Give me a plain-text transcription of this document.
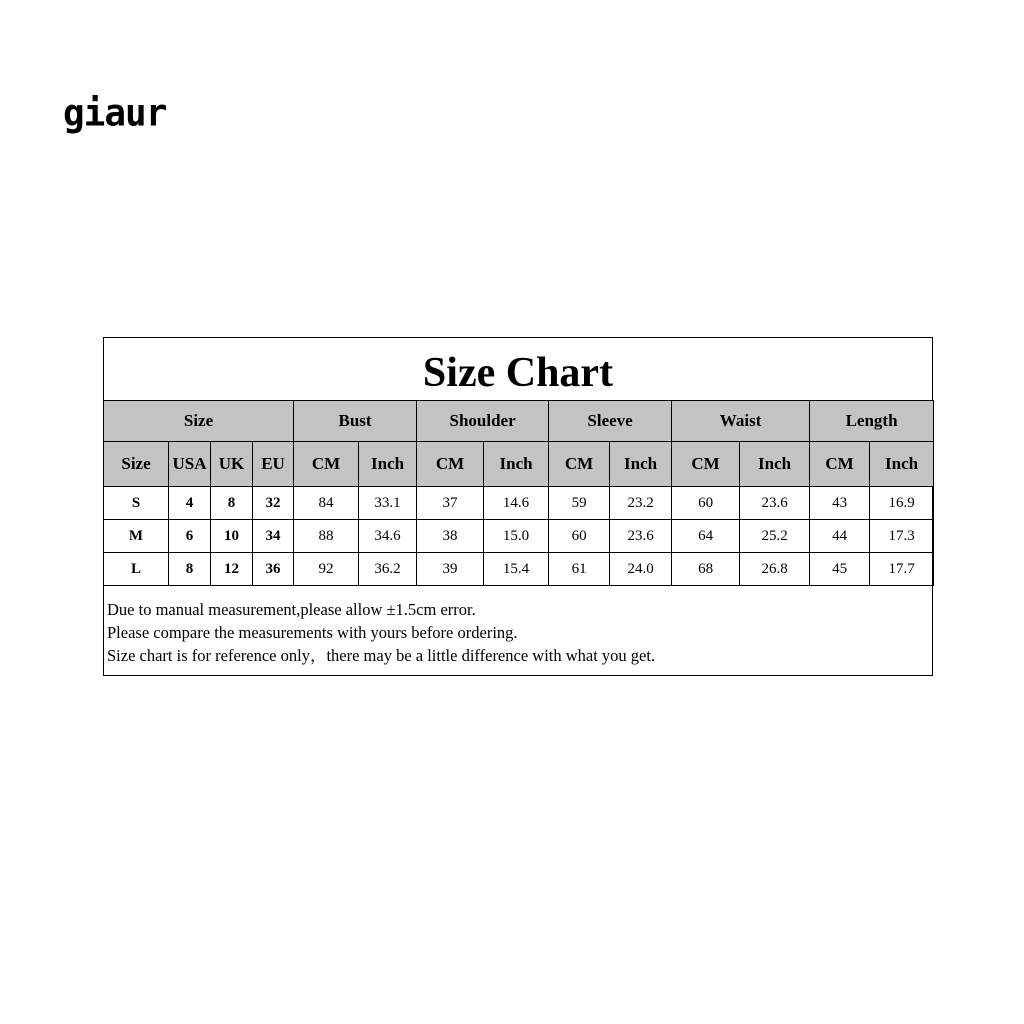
giaur
Size Chart
Size				Bust		Shoulder		Sleeve		Waist		Length	
Size	USA	UK	EU	CM	Inch	CM	Inch	CM	Inch	CM	Inch	CM	Inch
S	4	8	32	84	33.1	37	14.6	59	23.2	60	23.6	43	16.9
M	6	10	34	88	34.6	38	15.0	60	23.6	64	25.2	44	17.3
L	8	12	36	92	36.2	39	15.4	61	24.0	68	26.8	45	17.7
Due to manual measurement,please allow ±1.5cm error.
Please compare the measurements with yours before ordering.
Size chart is for reference only，there may be a little difference with what you get.
